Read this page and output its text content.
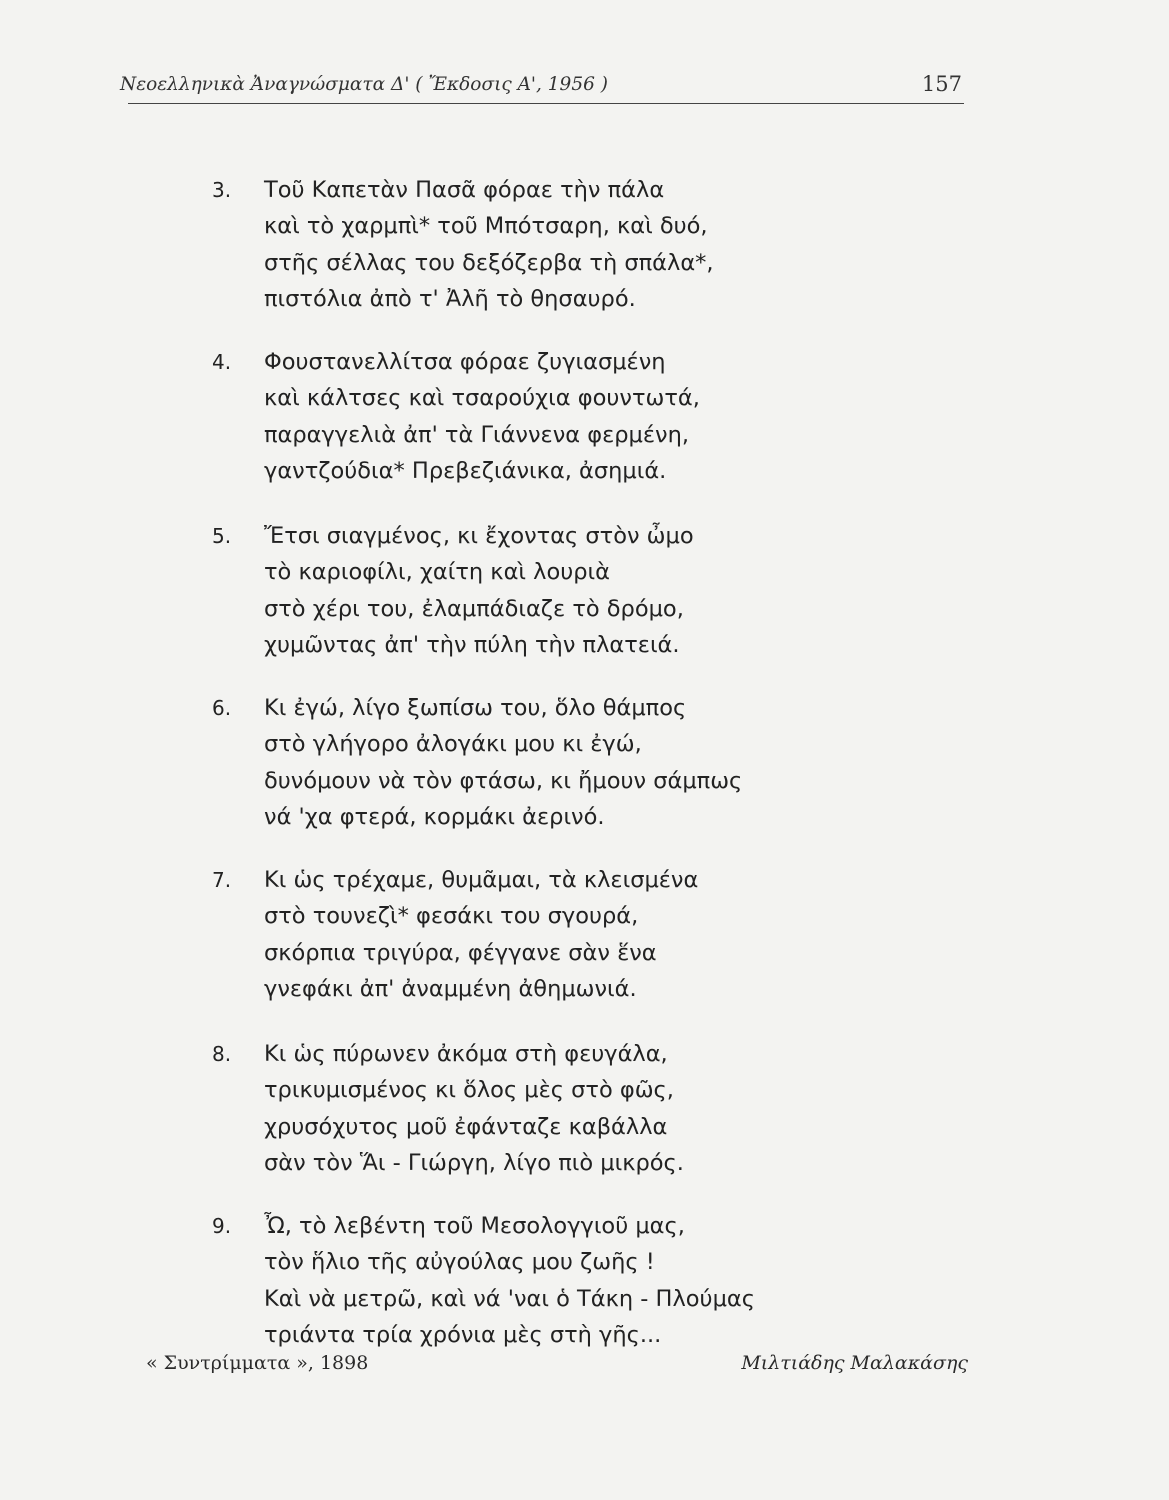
Νεοελληνικὰ Ἀναγνώσματα Δ' ( Ἔκδοσις Α', 1956 )	157
3.	Τοῦ Καπετὰν Πασᾶ φόραε τὴν πάλα
καὶ τὸ χαρμπὶ* τοῦ Μπότσαρη, καὶ δυό,
στῆς σέλλας του δεξόζερβα τὴ σπάλα*,
πιστόλια ἀπὸ τ' Ἀλῆ τὸ θησαυρό.
4.	Φουστανελλίτσα φόραε ζυγιασμένη
καὶ κάλτσες καὶ τσαρούχια φουντωτά,
παραγγελιὰ ἀπ' τὰ Γιάννενα φερμένη,
γαντζούδια* Πρεβεζιάνικα, ἀσημιά.
5.	Ἔτσι σιαγμένος, κι ἔχοντας στὸν ὦμο
τὸ καριοφίλι, χαίτη καὶ λουριὰ
στὸ χέρι του, ἐλαμπάδιαζε τὸ δρόμο,
χυμῶντας ἀπ' τὴν πύλη τὴν πλατειά.
6.	Κι ἐγώ, λίγο ξωπίσω του, ὅλο θάμπος
στὸ γλήγορο ἀλογάκι μου κι ἐγώ,
δυνόμουν νὰ τὸν φτάσω, κι ἤμουν σάμπως
νά 'χα φτερά, κορμάκι ἀερινό.
7.	Κι ὡς τρέχαμε, θυμᾶμαι, τὰ κλεισμένα
στὸ τουνεζὶ* φεσάκι του σγουρά,
σκόρπια τριγύρα, φέγγανε σὰν ἕνα
γνεφάκι ἀπ' ἀναμμένη ἀθημωνιά.
8.	Κι ὡς πύρωνεν ἀκόμα στὴ φευγάλα,
τρικυμισμένος κι ὅλος μὲς στὸ φῶς,
χρυσόχυτος μοῦ ἐφάνταζε καβάλλα
σὰν τὸν Ἅι - Γιώργη, λίγο πιὸ μικρός.
9.	Ὦ, τὸ λεβέντη τοῦ Μεσολογγιοῦ μας,
τὸν ἥλιο τῆς αὐγούλας μου ζωῆς !
Καὶ νὰ μετρῶ, καὶ νά 'ναι ὁ Τάκη - Πλούμας
τριάντα τρία χρόνια μὲς στὴ γῆς...
« Συντρίμματα », 1898	Μιλτιάδης Μαλακάσης
